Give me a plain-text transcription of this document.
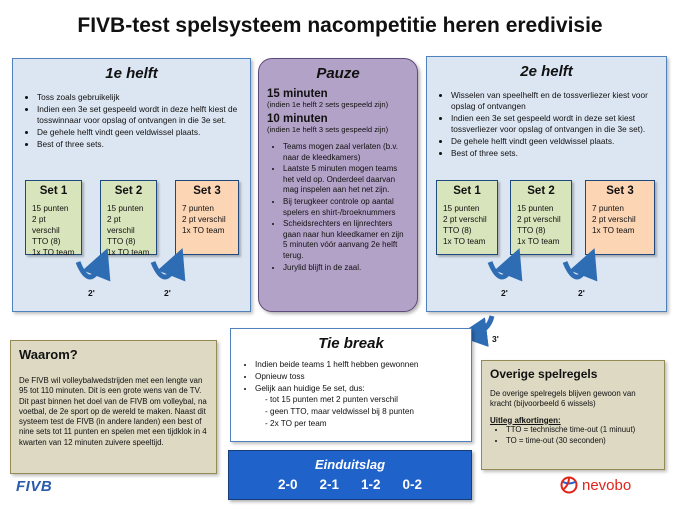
FIVB-test spelsysteem nacompetitie heren eredivisie
1e helft
• Toss zoals gebruikelijk
• Indien een 3e set gespeeld wordt in deze helft kiest de tosswinnaar voor opslag of ontvangen in die 3e set.
• De gehele helft vindt geen veldwissel plaats.
• Best of three sets.
Set 1
15 punten
2 pt verschil
TTO (8)
1x TO team
Set 2
15 punten
2 pt verschil
TTO (8)
1x TO team
Set 3
7 punten
2 pt verschil
1x TO team
2e helft
• Wisselen van speelhelft en de tossverliezer kiest voor opslag of ontvangen
• Indien een 3e set gespeeld wordt in deze set kiest tossverliezer voor opslag of ontvangen in die 3e set).
• De gehele helft vindt geen veldwissel plaats.
• Best of three sets.
Set 1
15 punten
2 pt verschil
TTO (8)
1x TO team
Set 2
15 punten
2 pt verschil
TTO (8)
1x TO team
Set 3
7 punten
2 pt verschil
1x TO team
2'	2'	2'	2'
3'
Pauze
15 minuten
(indien 1e helft 2 sets gespeeld zijn)
10 minuten
(indien 1e helft 3 sets gespeeld zijn)
• Teams mogen zaal verlaten (b.v. naar de kleedkamers)
• Laatste 5 minuten mogen teams het veld op. Onderdeel daarvan mag inspelen aan het net zijn.
• Bij terugkeer controle op aantal spelers en shirt-/broeknummers
• Scheidsrechters en lijnrechters gaan naar hun kleedkamer en zijn 5 minuten vóór aanvang 2e helft terug.
• Jurylid blijft in de zaal.
Waarom?
De FIVB wil volleybalwedstrijden met een lengte van 95 tot 110 minuten. Dit is een grote wens van de TV. Dit past binnen het doel van de FIVB om volleybal, na voetbal, de 2e sport op de wereld te maken. Naast dit systeem test de FIVB (in andere landen) een best of nine sets tot 11 punten en spelen met een tijdklok in 4 kwarten van 12 minuten zuivere speeltijd.
Tie break
• Indien beide teams 1 helft hebben gewonnen
• Opnieuw toss
• Gelijk aan huidige 5e set, dus:
- tot 15 punten met 2 punten verschil
- geen TTO, maar veldwissel bij 8 punten
- 2x TO per team
Einduitslag
2-0 2-1 1-2 0-2
Overige spelregels
De overige spelregels blijven gewoon van kracht (bijvoorbeeld 6 wissels)
Uitleg afkortingen:
• TTO = technische time-out (1 minuut)
• TO = time-out (30 seconden)
FIVB	nevobo
